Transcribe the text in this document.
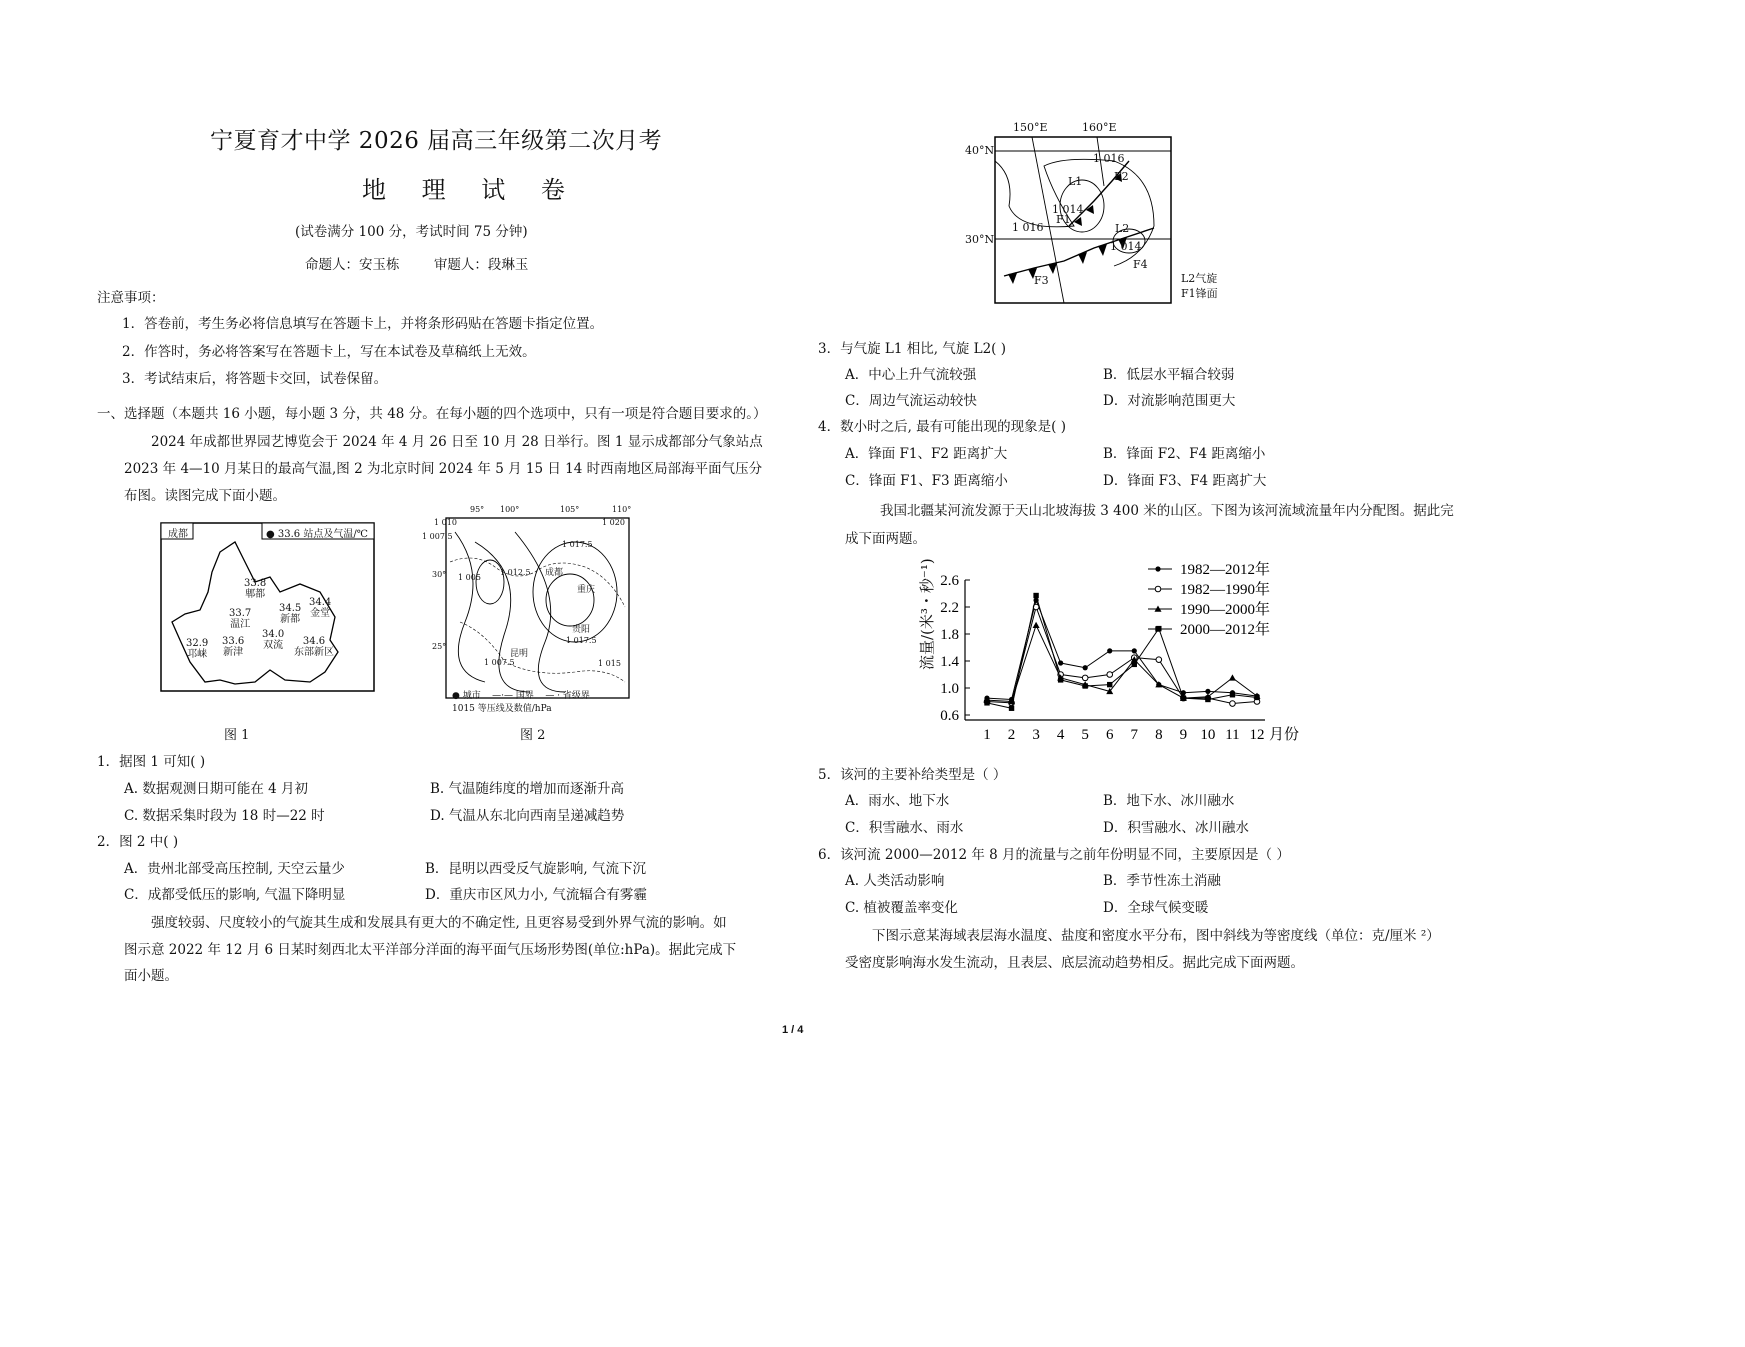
宁夏育才中学 2026 届高三年级第二次月考
地 理 试 卷
(试卷满分 100 分，考试时间 75 分钟)
命题人：安玉栋        审题人：段琳玉
注意事项：
1．答卷前，考生务必将信息填写在答题卡上，并将条形码贴在答题卡指定位置。
2．作答时，务必将答案写在答题卡上，写在本试卷及草稿纸上无效。
3．考试结束后，将答题卡交回，试卷保留。
一、选择题（本题共 16 小题，每小题 3 分，共 48 分。在每小题的四个选项中，只有一项是符合题目要求的。）
2024 年成都世界园艺博览会于 2024 年 4 月 26 日至 10 月 28 日举行。图 1 显示成都部分气象站点
2023 年 4—10 月某日的最高气温,图 2 为北京时间 2024 年 5 月 15 日 14 时西南地区局部海平面气压分
布图。读图完成下面小题。
成都	● 33.6 站点及气温/℃
33.8
郫都
34.4
金堂
34.5
新都
33.7
温江
34.0
双流
32.9
邛崃
33.6
新津
34.6
东部新区
图 1
1 010
1 007.5
1 005
1 012.5
1 017.5
1 020
1 015
1 007.5
1 017.5
95° 100°	105°	110°
30°
25°
成都
重庆
贵阳
昆明
● 城市    —·— 国界    — · 省级界
1015 等压线及数值/hPa
图 2
1．据图 1 可知( )
A. 数据观测日期可能在 4 月初	B. 气温随纬度的增加而逐渐升高
C. 数据采集时段为 18 时—22 时	D. 气温从东北向西南呈递减趋势
2．图 2 中( )
A．贵州北部受高压控制, 天空云量少	B．昆明以西受反气旋影响, 气流下沉
C．成都受低压的影响, 气温下降明显	D．重庆市区风力小, 气流辐合有雾霾
强度较弱、尺度较小的气旋其生成和发展具有更大的不确定性, 且更容易受到外界气流的影响。如
图示意 2022 年 12 月 6 日某时刻西北太平洋部分洋面的海平面气压场形势图(单位:hPa)。据此完成下
面小题。
150°E	160°E
40°N
30°N
1 016
1 014
1 016
1 014
L1
L2
F1
F2
F3
F4
L2气旋
F1锋面
3．与气旋 L1 相比, 气旋 L2( )
A．中心上升气流较强	B．低层水平辐合较弱
C．周边气流运动较快	D．对流影响范围更大
4．数小时之后, 最有可能出现的现象是( )
A．锋面 F1、F2 距离扩大	B．锋面 F2、F4 距离缩小
C．锋面 F1、F3 距离缩小	D．锋面 F3、F4 距离扩大
我国北疆某河流发源于天山北坡海拔 3 400 米的山区。下图为该河流域流量年内分配图。据此完
成下面两题。
2.6
2.2
1.8
1.4
1.0
0.6
1 2 3 4 5 6 7 8 9 10 11 12 月份
1982—2012年
1982—1990年
1990—2000年
2000—2012年
流量/(米³・秒⁻¹)
5．该河的主要补给类型是（ ）
A．雨水、地下水	B．地下水、冰川融水
C．积雪融水、雨水	D．积雪融水、冰川融水
6．该河流 2000—2012 年 8 月的流量与之前年份明显不同，主要原因是（ ）
A. 人类活动影响	B．季节性冻土消融
C. 植被覆盖率变化	D．全球气候变暖
下图示意某海域表层海水温度、盐度和密度水平分布，图中斜线为等密度线（单位：克/厘米 ²）
受密度影响海水发生流动，且表层、底层流动趋势相反。据此完成下面两题。
1 / 4
